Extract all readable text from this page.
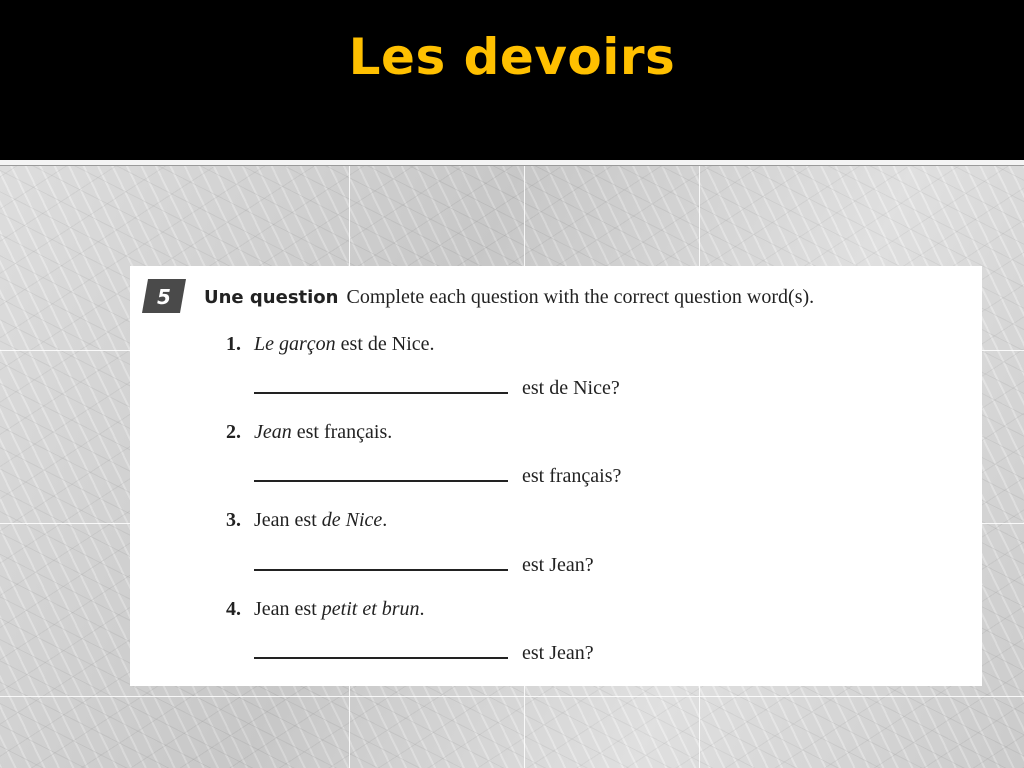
Les devoirs
5 Une question Complete each question with the correct question word(s).
1. Le garçon est de Nice.
est de Nice?
2. Jean est français.
est français?
3. Jean est de Nice.
est Jean?
4. Jean est petit et brun.
est Jean?
